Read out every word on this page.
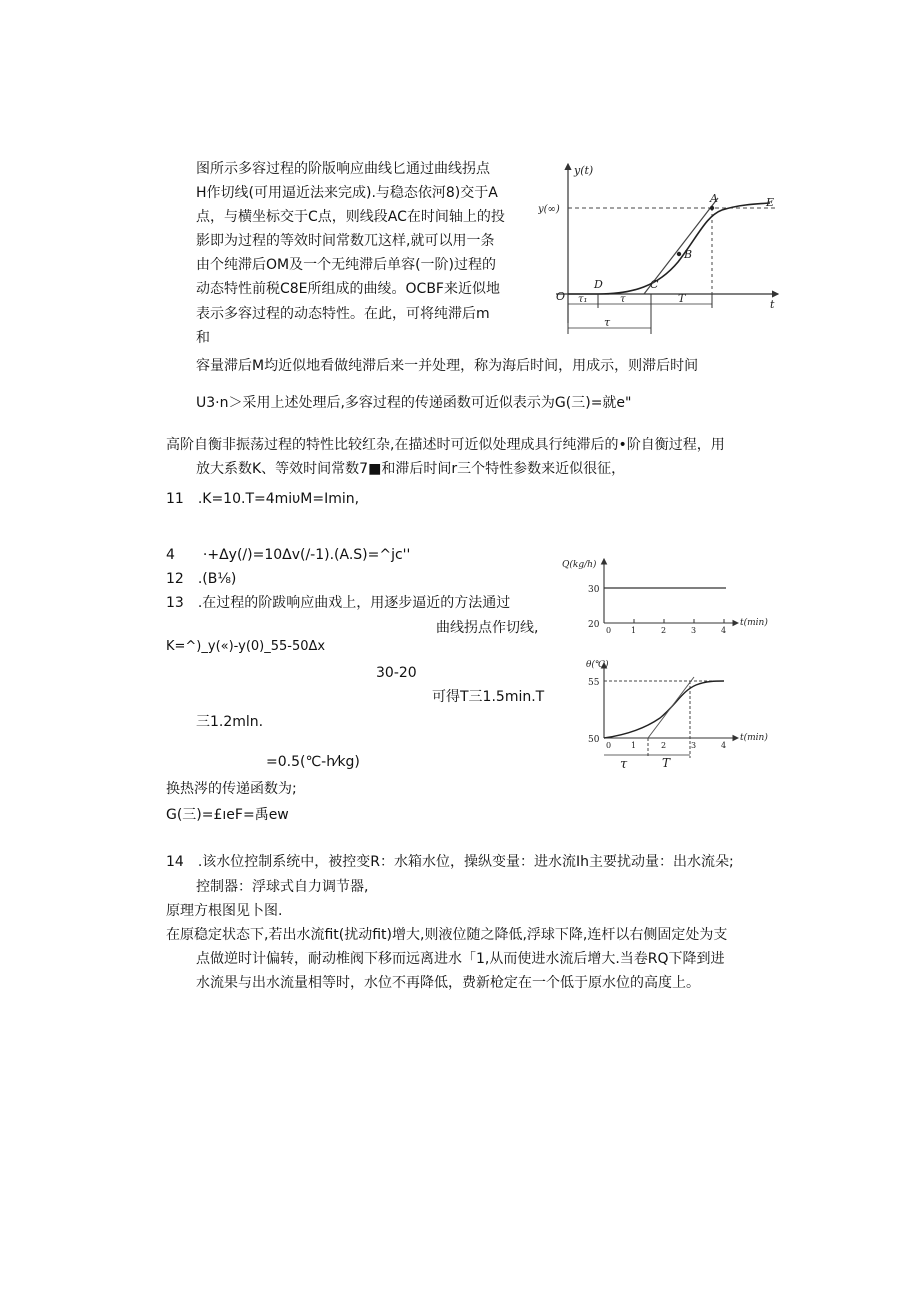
图所示多容过程的阶版响应曲线匕通过曲线拐点
H作切线(可用逼近法来完成).与稳态依河8)交于A
点，与横坐标交于C点，则线段AC在时间轴上的投
影即为过程的等效时间常数兀这样,就可以用一条
由个纯滞后OM及一个无纯滞后单容(一阶)过程的
动态特性前税C8E所组成的曲绫。OCBF来近似地
表示多容过程的动态特性。在此，可将纯滞后m
和
容量滞后M均近似地看做纯滞后来一并处理，称为海后时间，用成示，则滞后时间
U3·n＞采用上述处理后,多容过程的传递函数可近似表示为G(三)=就e"
y(t)
y(∞)
t
O
A
B
C
D
E
τ₁	τ	T
τ
高阶自衡非振荡过程的特性比较红杂,在描述时可近似处理成具行纯滞后的•阶自衡过程，用
放大系数K、等效时间常数7■和滞后时间r三个特性参数来近似很征，
11　.K=10.T=4miυM=Imin,
4　　·+Δy(/)=10Δv(/-1).(A.S)=^jc''
12　.(B⅛)
13　.在过程的阶跋响应曲戏上，用逐步逼近的方法通过
曲线拐点作切线,
K=^)_y(«)-y(0)_55-50Δx
30-20
可得T三1.5min.T
三1.2mln.
=0.5(℃-h⁄kg)
换热涔的传递函数为;
G(三)=£ıeF=禹ew
Q(kg/h)
30
20	t(min)
0 1	2	3	4
θ(℃)
55
50	t(min)
0 1	2	3	4
τ	T
14　.该水位控制系统中，被控变R：水箱水位，操纵变量：进水流Ih主要扰动量：出水流朵;
控制器：浮球式自力调节器,
原理方根图见卜图.
在原稳定状态下,若出水流fit(扰动fit)增大,则液位随之降低,浮球下降,连杆以右侧固定处为支
点做逆时计偏转，耐动椎阀下移而远离进水「1,从而使进水流后增大.当卷RQ下降到进
水流果与出水流量相等时，水位不再降低，费新枪定在一个低于原水位的高度上。
